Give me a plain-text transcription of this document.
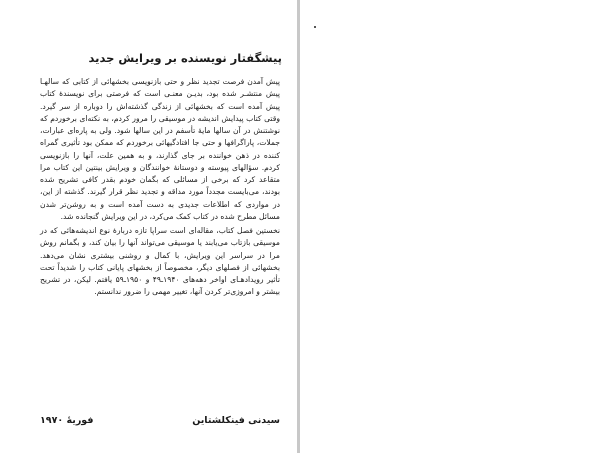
پیشگفتار نویسنده بر ویرایش جدید

پیش آمدن فرصت تجدید نظر و حتی بازنویسی بخشهائی از کتابی که سالهـا پیش منتشـر شده بود، بدیـن معنـی است که فرصتی برای نویسندهٔ کتاب پیش آمده است که بخشهائی از زندگی گذشته‌اش را دوباره از سر گیرد. وقتی کتاب پیدایش اندیشه در موسیقی را مرور کردم، به نکته‌ای برخوردم که نوشتنش در آن سالها مایهٔ تأسفم در این سالها شود. ولی به پاره‌ای عبارات، جملات، پاراگرافها و حتی جا افتادگیهائی برخوردم که ممکن بود تأثیری گمراه کننده در ذهن خواننده بر جای گذارند، و به همین علت، آنها را بازنویسی کردم. سؤالهای پیوسته و دوستانهٔ خوانندگان و ویرایش بینتین این کتاب مرا متقاعد کرد که برخی از مسائلی که بگمان خودم بقدر کافی تشریح شده بودند، می‌بایست مجدداً مورد مداقه و تجدید نظر قرار گیرند. گذشته از این، در مواردی که اطلاعات جدیدی به دست آمده است و به روشن‌تر شدن مسائل مطرح شده در کتاب کمک می‌کرد، در این ویرایش گنجانده شد.

نخستین فصل کتاب، مقاله‌ای است سراپا تازه دربارهٔ نوع اندیشه‌هائی که در موسیقی بازتاب می‌یابند یا موسیقی می‌تواند آنها را بیان کند، و بگمانم روش مرا در سراسر این ویرایش، با کمال و روشنی بیشتری نشان می‌دهد. بخشهائی از فصلهای دیگر، مخصوصاً از بخشهای پایانی کتاب را شدیداً تحت تأثیر رویدادهـای اواخر دهه‌های ۱۹۴۰ـ۴۹ و ۱۹۵۰ـ۵۹ یافتم. لیکن، در تشریح بیشتر و امروزی‌تر کردن آنها، تغییر مهمی را ضرور ندانستم.

سیدنی فینکلشتاین
فوریهٔ ۱۹۷۰
